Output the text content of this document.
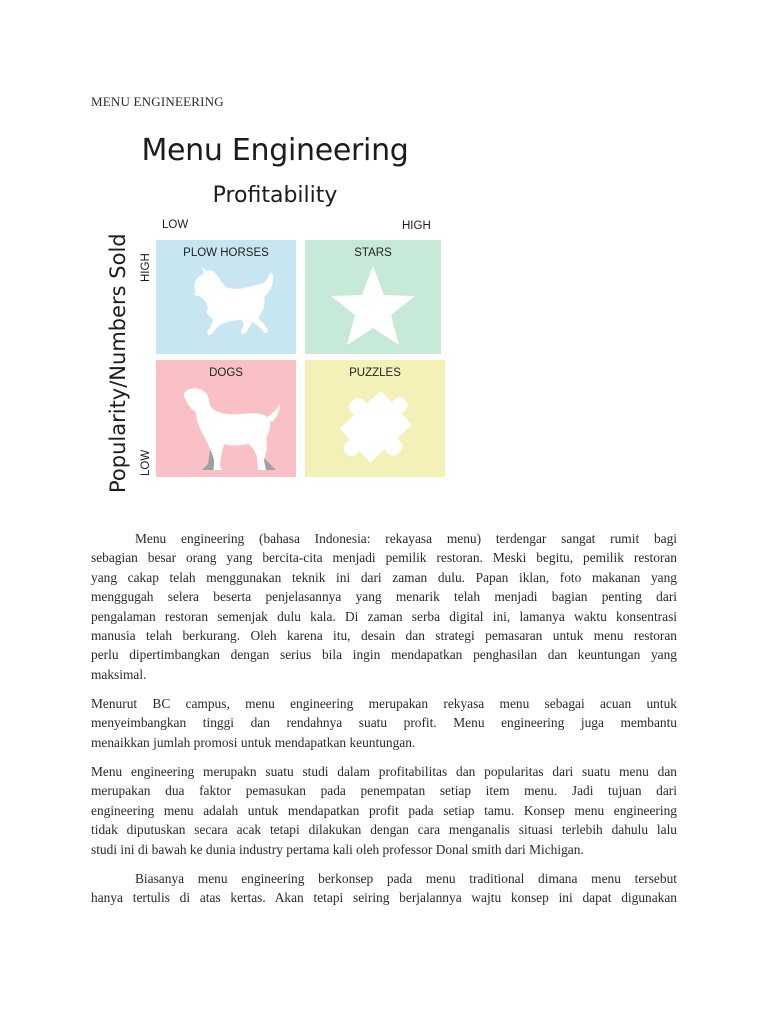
MENU ENGINEERING
Menu Engineering
Profitability
Popularity/Numbers Sold
LOW	HIGH
HIGH
LOW
PLOW HORSES	STARS
DOGS	PUZZLES
Menu engineering (bahasa Indonesia: rekayasa menu) terdengar sangat rumit bagi
sebagian besar orang yang bercita-cita menjadi pemilik restoran. Meski begitu, pemilik restoran
yang cakap telah menggunakan teknik ini dari zaman dulu. Papan iklan, foto makanan yang
menggugah selera beserta penjelasannya yang menarik telah menjadi bagian penting dari
pengalaman restoran semenjak dulu kala. Di zaman serba digital ini, lamanya waktu konsentrasi
manusia telah berkurang. Oleh karena itu, desain dan strategi pemasaran untuk menu restoran
perlu dipertimbangkan dengan serius bila ingin mendapatkan penghasilan dan keuntungan yang
maksimal.
Menurut BC campus, menu engineering merupakan rekyasa menu sebagai acuan untuk
menyeimbangkan tinggi dan rendahnya suatu profit. Menu engineering juga membantu
menaikkan jumlah promosi untuk mendapatkan keuntungan.
Menu engineering merupakn suatu studi dalam profitabilitas dan popularitas dari suatu menu dan
merupakan dua faktor pemasukan pada penempatan setiap item menu. Jadi tujuan dari
engineering menu adalah untuk mendapatkan profit pada setiap tamu. Konsep menu engineering
tidak diputuskan secara acak tetapi dilakukan dengan cara menganalis situasi terlebih dahulu lalu
studi ini di bawah ke dunia industry pertama kali oleh professor Donal smith dari Michigan.
Biasanya menu engineering berkonsep pada menu traditional dimana menu tersebut
hanya tertulis di atas kertas. Akan tetapi seiring berjalannya wajtu konsep ini dapat digunakan
